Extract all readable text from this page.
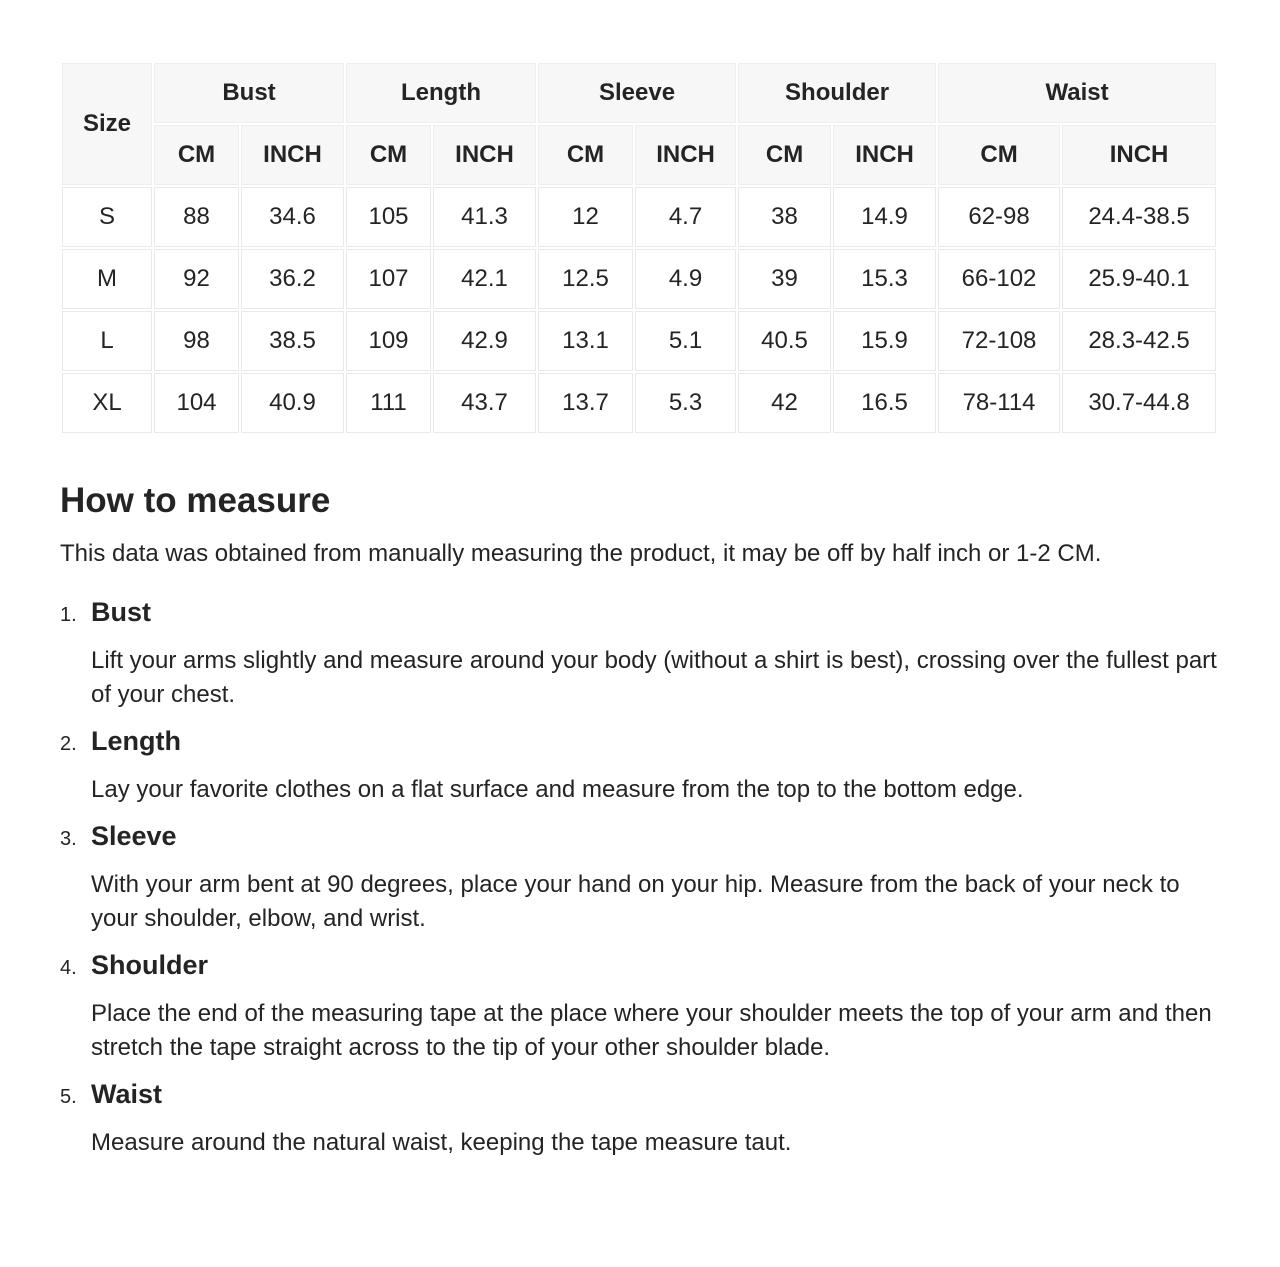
Size	Bust		Length		Sleeve		Shoulder		Waist	
	CM	INCH	CM	INCH	CM	INCH	CM	INCH	CM	INCH
S	88	34.6	105	41.3	12	4.7	38	14.9	62-98	24.4-38.5
M	92	36.2	107	42.1	12.5	4.9	39	15.3	66-102	25.9-40.1
L	98	38.5	109	42.9	13.1	5.1	40.5	15.9	72-108	28.3-42.5
XL	104	40.9	111	43.7	13.7	5.3	42	16.5	78-114	30.7-44.8
How to measure

This data was obtained from manually measuring the product, it may be off by half inch or 1-2 CM.

1. Bust
Lift your arms slightly and measure around your body (without a shirt is best), crossing over the fullest part of your chest.
2. Length
Lay your favorite clothes on a flat surface and measure from the top to the bottom edge.
3. Sleeve
With your arm bent at 90 degrees, place your hand on your hip. Measure from the back of your neck to your shoulder, elbow, and wrist.
4. Shoulder
Place the end of the measuring tape at the place where your shoulder meets the top of your arm and then stretch the tape straight across to the tip of your other shoulder blade.
5. Waist
Measure around the natural waist, keeping the tape measure taut.
